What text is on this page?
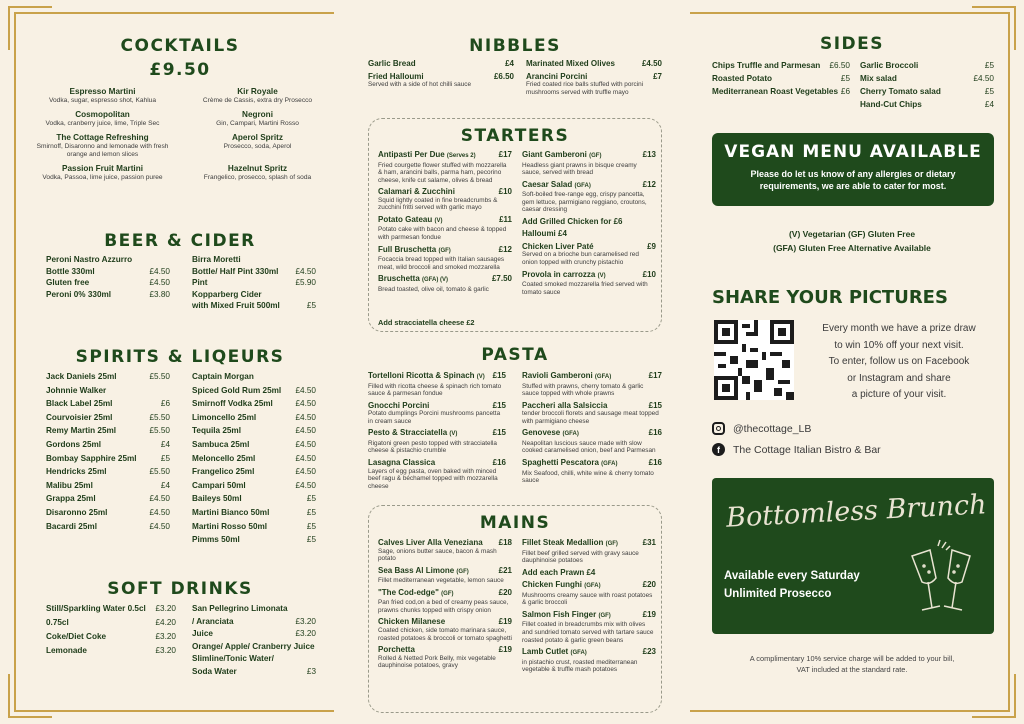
COCKTAILS
£9.50
Espresso Martini
Vodka, sugar, espresso shot, Kahlua
Kir Royale
Crème de Cassis, extra dry Prosecco
Cosmopolitan
Vodka, cranberry juice, lime, Triple Sec
Negroni
Gin, Campari, Martini Rosso
The Cottage Refreshing
Smirnoff, Disaronno and lemonade with fresh orange and lemon slices
Aperol Spritz
Prosecco, soda, Aperol
Passion Fruit Martini
Vodka, Passoa, lime juice, passion puree
Hazelnut Spritz
Frangelico, prosecco, splash of soda
BEER & CIDER
Peroni Nastro Azzurro
Bottle 330ml	£4.50
Gluten free	£4.50
Peroni 0% 330ml	£3.80
Birra Moretti
Bottle/ Half Pint 330ml £4.50
Pint	£5.90
Kopparberg Cider
with Mixed Fruit 500ml	£5
SPIRITS & LIQEURS
Jack Daniels 25ml	£5.50
Johnnie Walker
Black Label 25ml	£6
Courvoisier 25ml	£5.50
Remy Martin 25ml	£5.50
Gordons 25ml	£4
Bombay Sapphire 25ml	£5
Hendricks 25ml	£5.50
Malibu 25ml	£4
Grappa 25ml	£4.50
Disaronno 25ml	£4.50
Bacardi 25ml	£4.50
Captain Morgan
Spiced Gold Rum 25ml £4.50
Smirnoff Vodka 25ml	£4.50
Limoncello 25ml	£4.50
Tequila 25ml	£4.50
Sambuca 25ml	£4.50
Meloncello 25ml	£4.50
Frangelico 25ml	£4.50
Campari 50ml	£4.50
Baileys 50ml	£5
Martini Bianco 50ml	£5
Martini Rosso 50ml	£5
Pimms 50ml	£5
SOFT DRINKS
Still/Sparkling Water 0.5cl £3.20
0.75cl	£4.20
Coke/Diet Coke	£3.20
Lemonade	£3.20
San Pellegrino Limonata
/ Aranciata	£3.20
Juice	£3.20
Orange/ Apple/ Cranberry Juice
Slimline/Tonic Water/
Soda Water	£3
NIBBLES
Garlic Bread	£4
Fried Halloumi	£6.50
Served with a side of hot chilli sauce
Marinated Mixed Olives	£4.50
Arancini Porcini	£7
Fried coated rice balls stuffed with porcini mushrooms served with truffle mayo
STARTERS
Antipasti Per Due (Serves 2)	£17
Fried courgette flower stuffed with mozzarella & ham, arancini balls, parma ham, pecorino cheese, knife cut salame, olives & bread
Calamari & Zucchini	£10
Squid lightly coated in fine breadcrumbs & zucchini fritti served with garlic mayo
Potato Gateau (V)	£11
Potato cake with bacon and cheese & topped with parmesan fondue
Full Bruschetta (GF)	£12
Focaccia bread topped with Italian sausages meat, wild broccoli and smoked mozzarella
Bruschetta (GFA) (V)	£7.50
Bread toasted, olive oil, tomato & garlic
Add stracciatella cheese £2
Giant Gamberoni (GF)	£13
Headless giant prawns in bisque creamy sauce, served with bread
Caesar Salad (GFA)	£12
Soft-boiled free-range egg, crispy pancetta, gem lettuce, parmigiano reggiano, croutons, caesar dressing
Add Grilled Chicken for £6
Halloumi £4
Chicken Liver Paté	£9
Served on a brioche bun caramelised red onion topped with crunchy pistachio
Provola in carrozza (V)	£10
Coated smoked mozzarella fried served with tomato sauce
PASTA
Tortelloni Ricotta & Spinach (V) £15
Filled with ricotta cheese & spinach rich tomato sauce & parmesan fondue
Gnocchi Porcini	£15
Potato dumplings Porcini mushrooms pancetta in cream sauce
Pesto & Stracciatella (V)	£15
Rigatoni green pesto topped with stracciatella cheese & pistachio crumble
Lasagna Classica	£16
Layers of egg pasta, oven baked with minced beef ragu & béchamel topped with mozzarella cheese
Ravioli Gamberoni (GFA)	£17
Stuffed with prawns, cherry tomato & garlic sauce topped with whole prawns
Paccheri alla Salsiccia	£15
tender broccoli florets and sausage meat topped with parmigiano cheese
Genovese (GFA)	£16
Neapolitan luscious sauce made with slow cooked caramelised onion, beef and Parmesan
Spaghetti Pescatora (GFA)	£16
Mix Seafood, chilli, white wine & cherry tomato sauce
MAINS
Calves Liver Alla Veneziana £18
Sage, onions butter sauce, bacon & mash potato
Sea Bass Al Limone (GF)	£21
Fillet mediterranean vegetable, lemon sauce
"The Cod-edge" (GF)	£20
Pan fried cod,on a bed of creamy peas sauce, prawns chunks topped with crispy onion
Chicken Milanese	£19
Coated chicken, side tomato marinara sauce, roasted potatoes & broccoli or tomato spaghetti
Porchetta	£19
Rolled & Netted Pork Belly, mix vegetable dauphinoise potatoes, gravy
Fillet Steak Medallion (GF)	£31
Fillet beef grilled served with gravy sauce dauphinoise potatoes
Add each Prawn £4
Chicken Funghi (GFA)	£20
Mushrooms creamy sauce with roast potatoes & garlic broccoli
Salmon Fish Finger (GF)	£19
Fillet coated in breadcrumbs mix with olives and sundried tomato served with tartare sauce roasted potato & garlic green beans
Lamb Cutlet (GFA)	£23
in pistachio crust, roasted mediterranean vegetable & truffle mash potatoes
SIDES
Chips Truffle and Parmesan £6.50
Roasted Potato	£5
Mediterranean Roast Vegetables £6
Garlic Broccoli	£5
Mix salad	£4.50
Cherry Tomato salad	£5
Hand-Cut Chips	£4
VEGAN MENU AVAILABLE
Please do let us know of any allergies or dietary requirements, we are able to cater for most.
(V) Vegetarian (GF) Gluten Free
(GFA) Gluten Free Alternative Available
SHARE YOUR PICTURES
Every month we have a prize draw
to win 10% off your next visit.
To enter, follow us on Facebook
or Instagram and share
a picture of your visit.
@thecottage_LB
f	The Cottage Italian Bistro & Bar
Bottomless Brunch
Available every Saturday
Unlimited Prosecco
A complimentary 10% service charge will be added to your bill,
VAT included at the standard rate.
